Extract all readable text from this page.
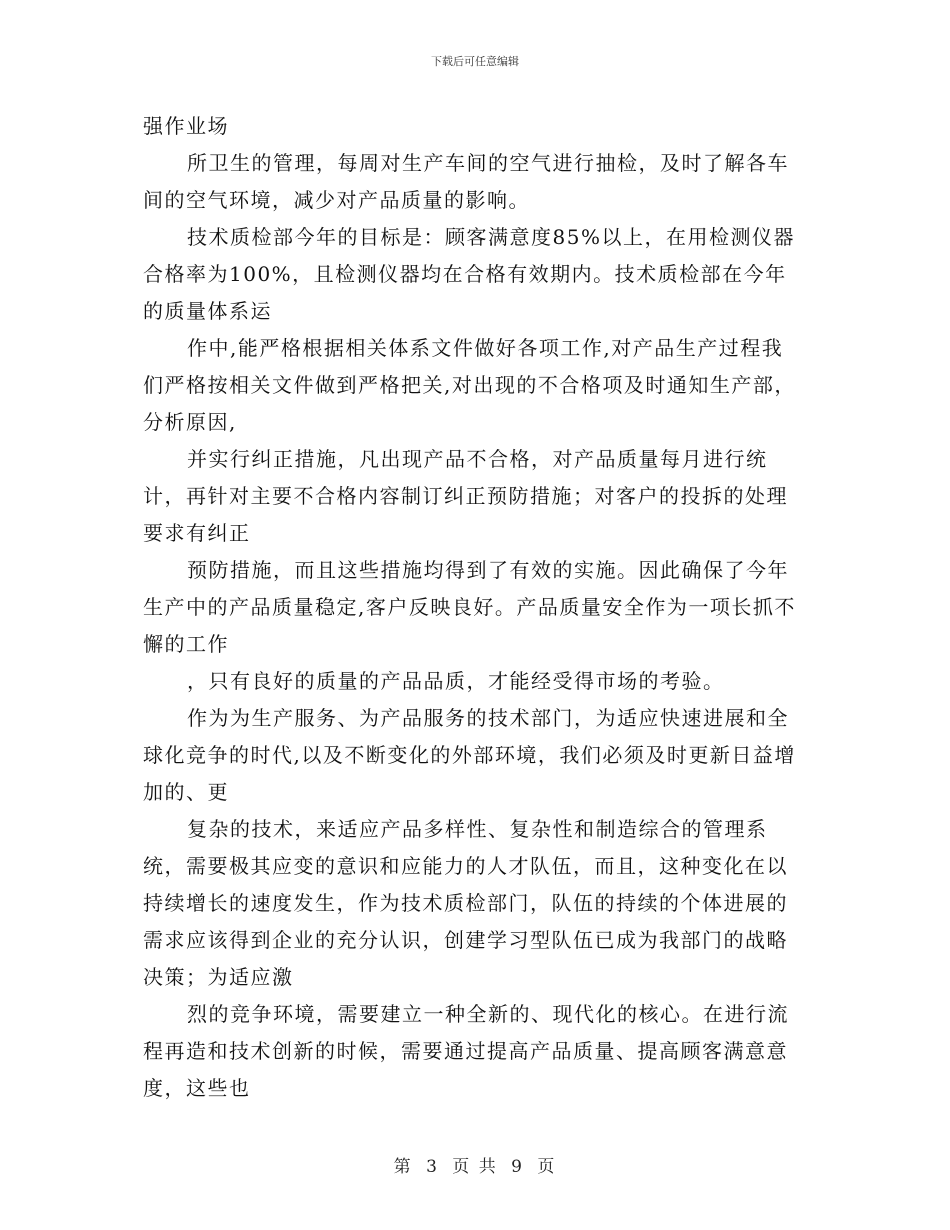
下载后可任意编辑

强作业场

所卫生的管理，每周对生产车间的空气进行抽检，及时了解各车间的空气环境，减少对产品质量的影响。

技术质检部今年的目标是：顾客满意度85%以上，在用检测仪器合格率为100%，且检测仪器均在合格有效期内。技术质检部在今年的质量体系运

作中,能严格根据相关体系文件做好各项工作,对产品生产过程我们严格按相关文件做到严格把关,对出现的不合格项及时通知生产部，分析原因,

并实行纠正措施，凡出现产品不合格，对产品质量每月进行统计，再针对主要不合格内容制订纠正预防措施；对客户的投拆的处理要求有纠正

预防措施，而且这些措施均得到了有效的实施。因此确保了今年生产中的产品质量稳定,客户反映良好。产品质量安全作为一项长抓不懈的工作

，只有良好的质量的产品品质，才能经受得市场的考验。

作为为生产服务、为产品服务的技术部门，为适应快速进展和全球化竞争的时代,以及不断变化的外部环境，我们必须及时更新日益增加的、更

复杂的技术，来适应产品多样性、复杂性和制造综合的管理系统，需要极其应变的意识和应能力的人才队伍，而且，这种变化在以持续增长的速度发生，作为技术质检部门，队伍的持续的个体进展的需求应该得到企业的充分认识，创建学习型队伍已成为我部门的战略决策；为适应激

烈的竞争环境，需要建立一种全新的、现代化的核心。在进行流程再造和技术创新的时候，需要通过提高产品质量、提高顾客满意意度，这些也

第 3 页 共 9 页
